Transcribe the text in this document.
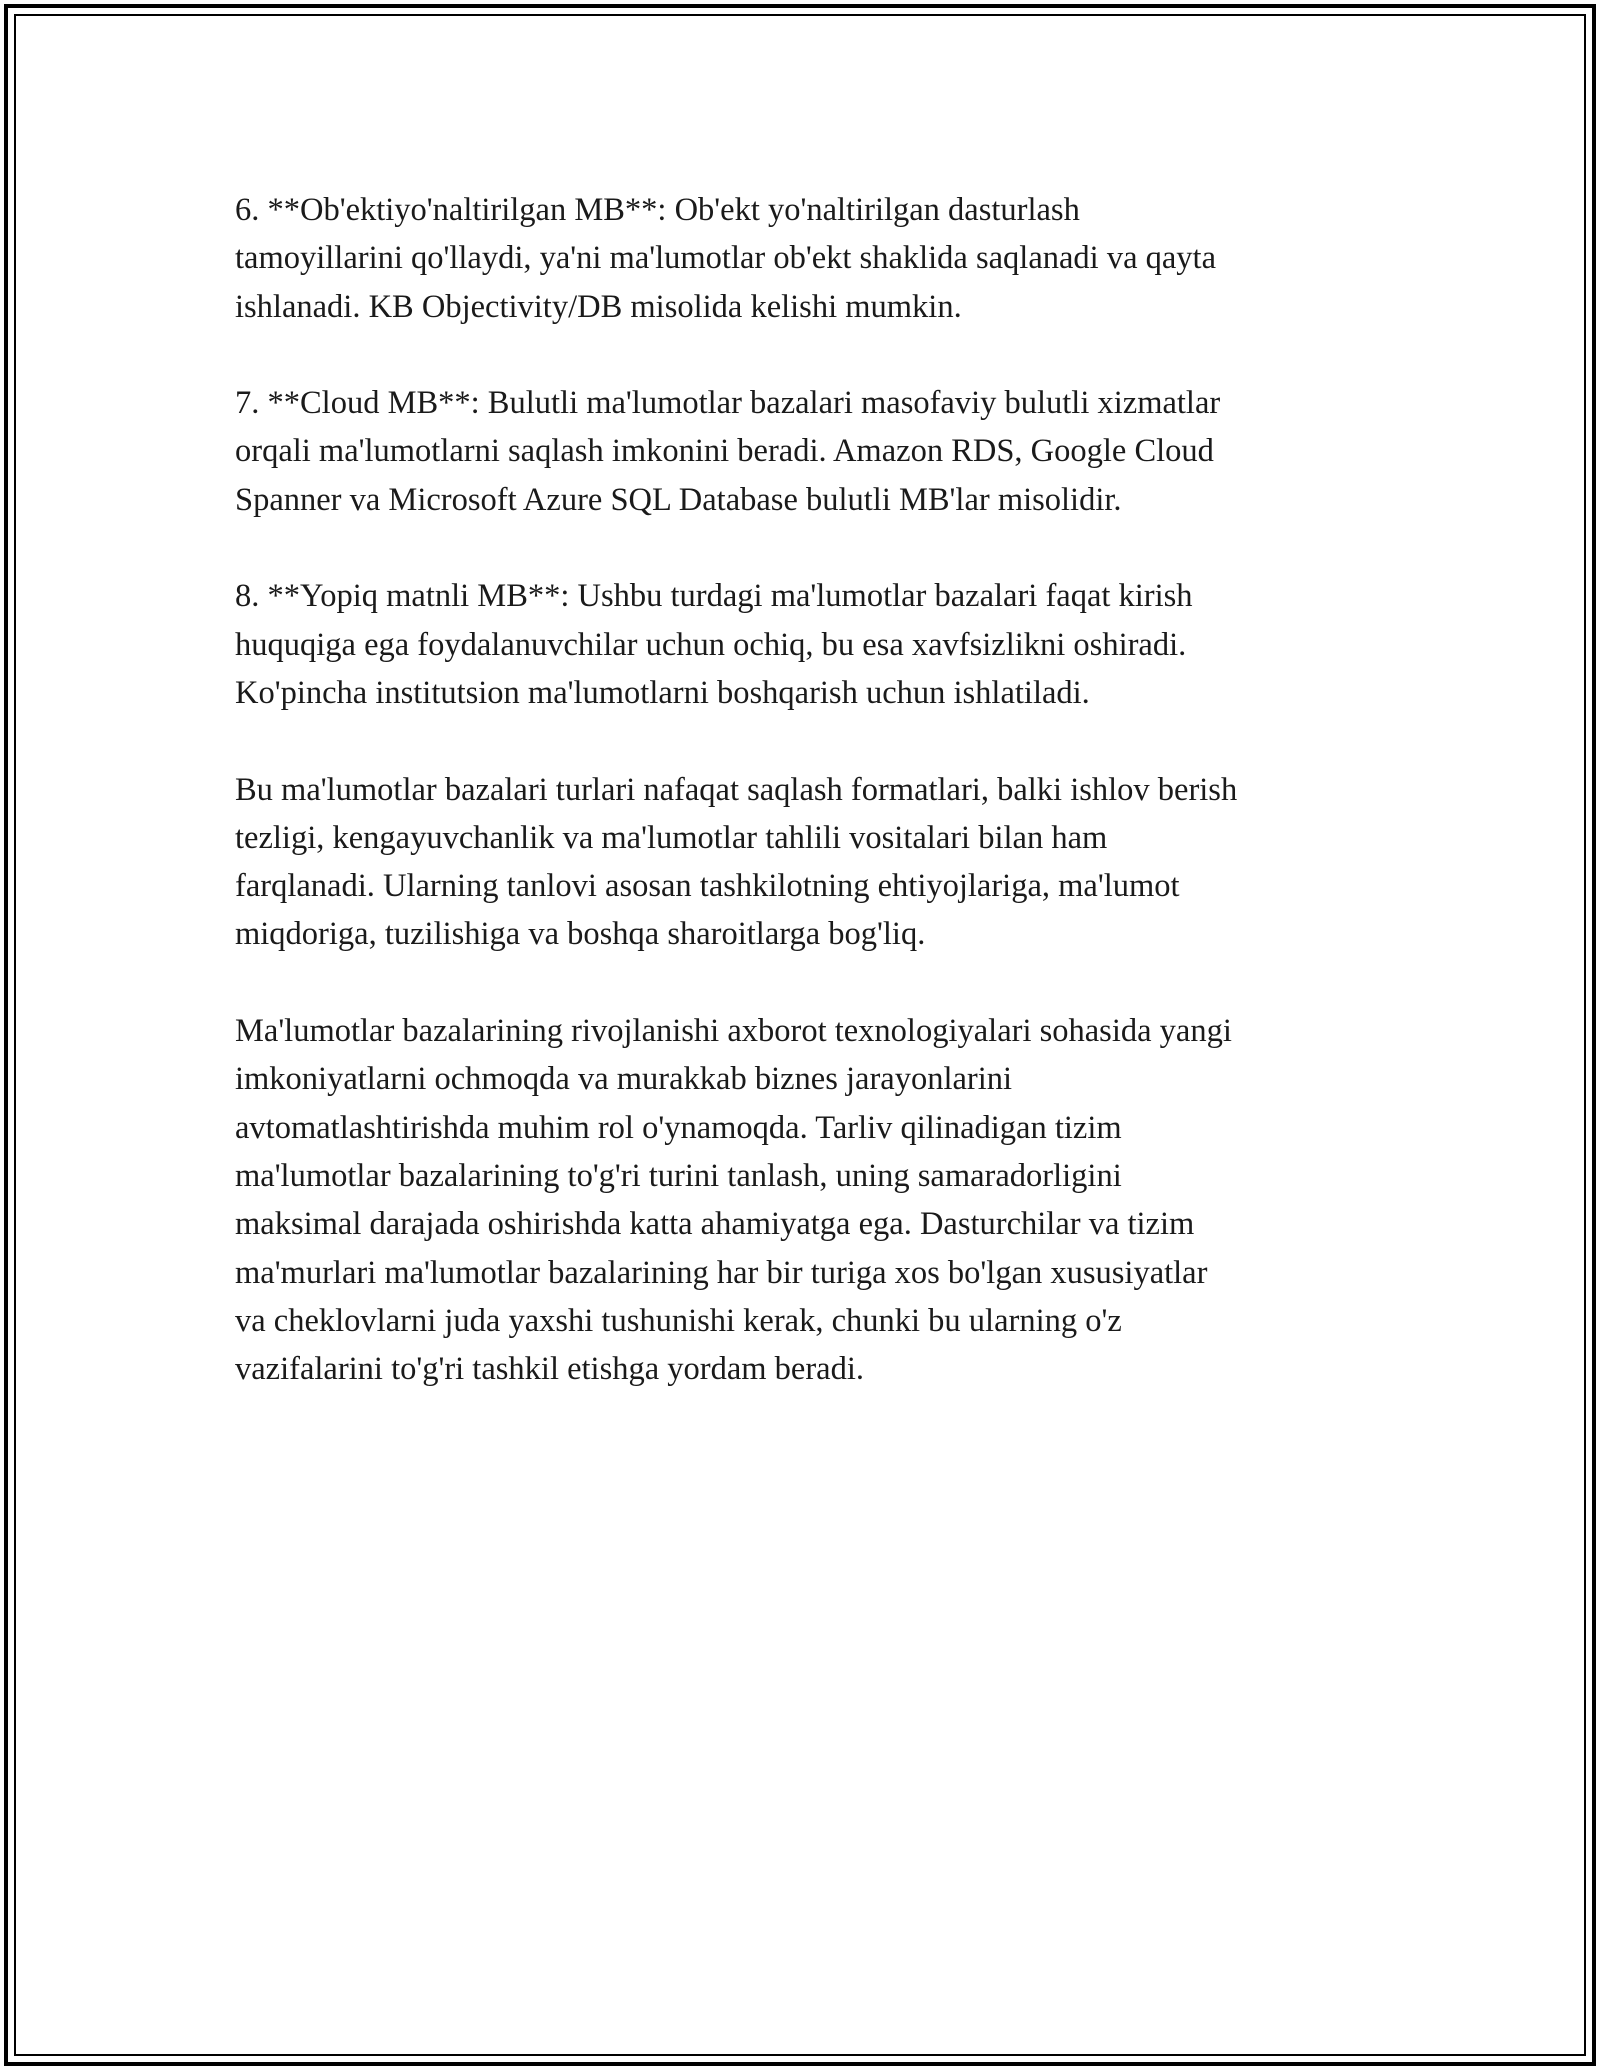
6. **Ob'ektiyo'naltirilgan MB**: Ob'ekt yo'naltirilgan dasturlash
tamoyillarini qo'llaydi, ya'ni ma'lumotlar ob'ekt shaklida saqlanadi va qayta
ishlanadi. KB Objectivity/DB misolida kelishi mumkin.

7. **Cloud MB**: Bulutli ma'lumotlar bazalari masofaviy bulutli xizmatlar
orqali ma'lumotlarni saqlash imkonini beradi. Amazon RDS, Google Cloud
Spanner va Microsoft Azure SQL Database bulutli MB'lar misolidir.

8. **Yopiq matnli MB**: Ushbu turdagi ma'lumotlar bazalari faqat kirish
huquqiga ega foydalanuvchilar uchun ochiq, bu esa xavfsizlikni oshiradi.
Ko'pincha institutsion ma'lumotlarni boshqarish uchun ishlatiladi.

Bu ma'lumotlar bazalari turlari nafaqat saqlash formatlari, balki ishlov berish
tezligi, kengayuvchanlik va ma'lumotlar tahlili vositalari bilan ham
farqlanadi. Ularning tanlovi asosan tashkilotning ehtiyojlariga, ma'lumot
miqdoriga, tuzilishiga va boshqa sharoitlarga bog'liq.

Ma'lumotlar bazalarining rivojlanishi axborot texnologiyalari sohasida yangi
imkoniyatlarni ochmoqda va murakkab biznes jarayonlarini
avtomatlashtirishda muhim rol o'ynamoqda. Tarliv qilinadigan tizim
ma'lumotlar bazalarining to'g'ri turini tanlash, uning samaradorligini
maksimal darajada oshirishda katta ahamiyatga ega. Dasturchilar va tizim
ma'murlari ma'lumotlar bazalarining har bir turiga xos bo'lgan xususiyatlar
va cheklovlarni juda yaxshi tushunishi kerak, chunki bu ularning o'z
vazifalarini to'g'ri tashkil etishga yordam beradi.
